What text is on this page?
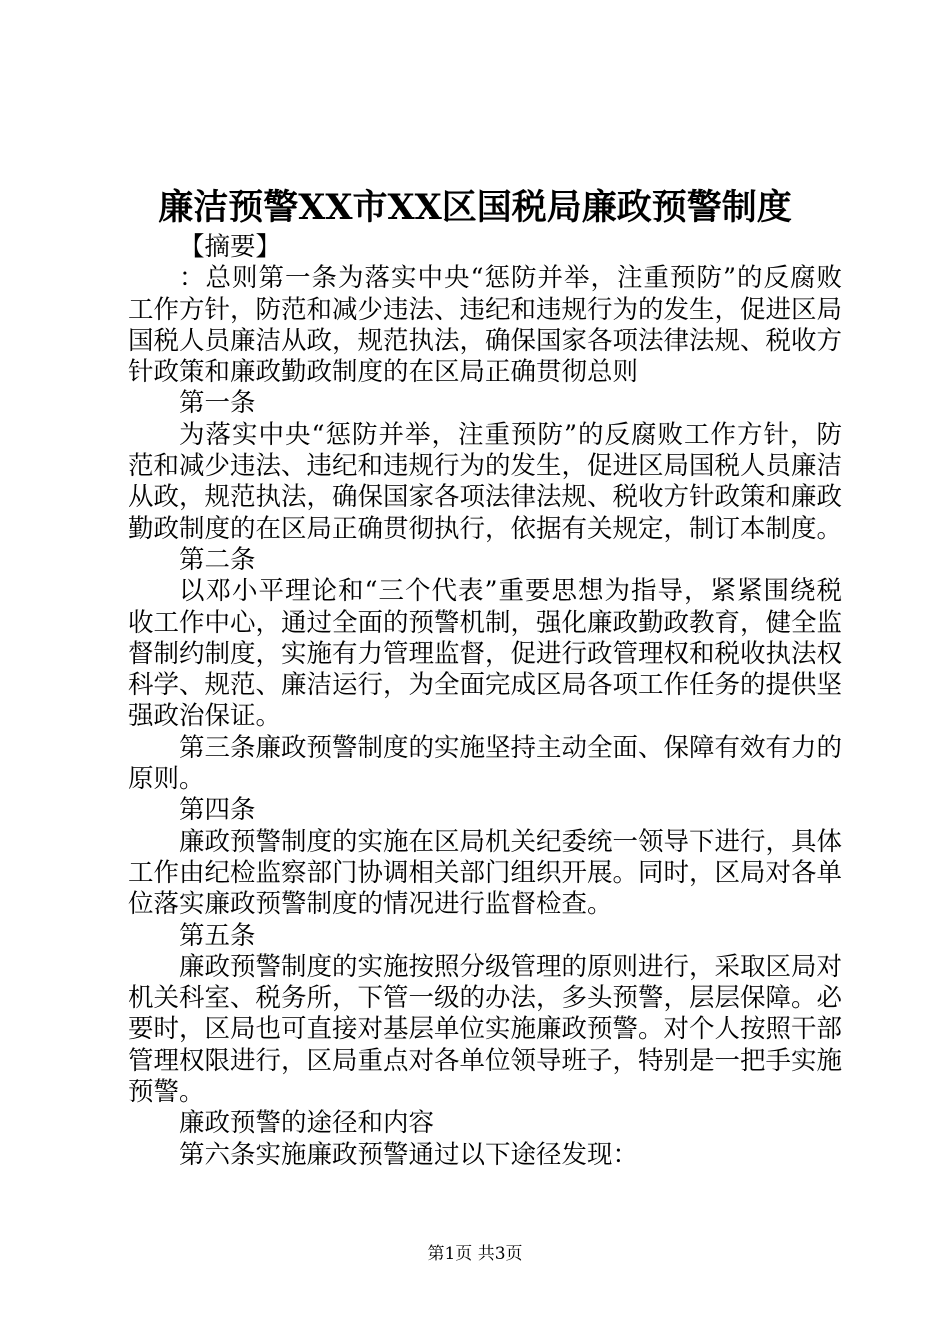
廉洁预警XX市XX区国税局廉政预警制度

【摘要】

：总则第一条为落实中央“惩防并举，注重预防”的反腐败工作方针，防范和减少违法、违纪和违规行为的发生，促进区局国税人员廉洁从政，规范执法，确保国家各项法律法规、税收方针政策和廉政勤政制度的在区局正确贯彻总则

第一条

为落实中央“惩防并举，注重预防”的反腐败工作方针，防范和减少违法、违纪和违规行为的发生，促进区局国税人员廉洁从政，规范执法，确保国家各项法律法规、税收方针政策和廉政勤政制度的在区局正确贯彻执行，依据有关规定，制订本制度。

第二条

以邓小平理论和“三个代表”重要思想为指导，紧紧围绕税收工作中心，通过全面的预警机制，强化廉政勤政教育，健全监督制约制度，实施有力管理监督，促进行政管理权和税收执法权科学、规范、廉洁运行，为全面完成区局各项工作任务的提供坚强政治保证。

第三条廉政预警制度的实施坚持主动全面、保障有效有力的原则。

第四条

廉政预警制度的实施在区局机关纪委统一领导下进行，具体工作由纪检监察部门协调相关部门组织开展。同时，区局对各单位落实廉政预警制度的情况进行监督检查。

第五条

廉政预警制度的实施按照分级管理的原则进行，采取区局对机关科室、税务所，下管一级的办法，多头预警，层层保障。必要时，区局也可直接对基层单位实施廉政预警。对个人按照干部管理权限进行，区局重点对各单位领导班子，特别是一把手实施预警。

廉政预警的途径和内容

第六条实施廉政预警通过以下途径发现：

第1页 共3页
